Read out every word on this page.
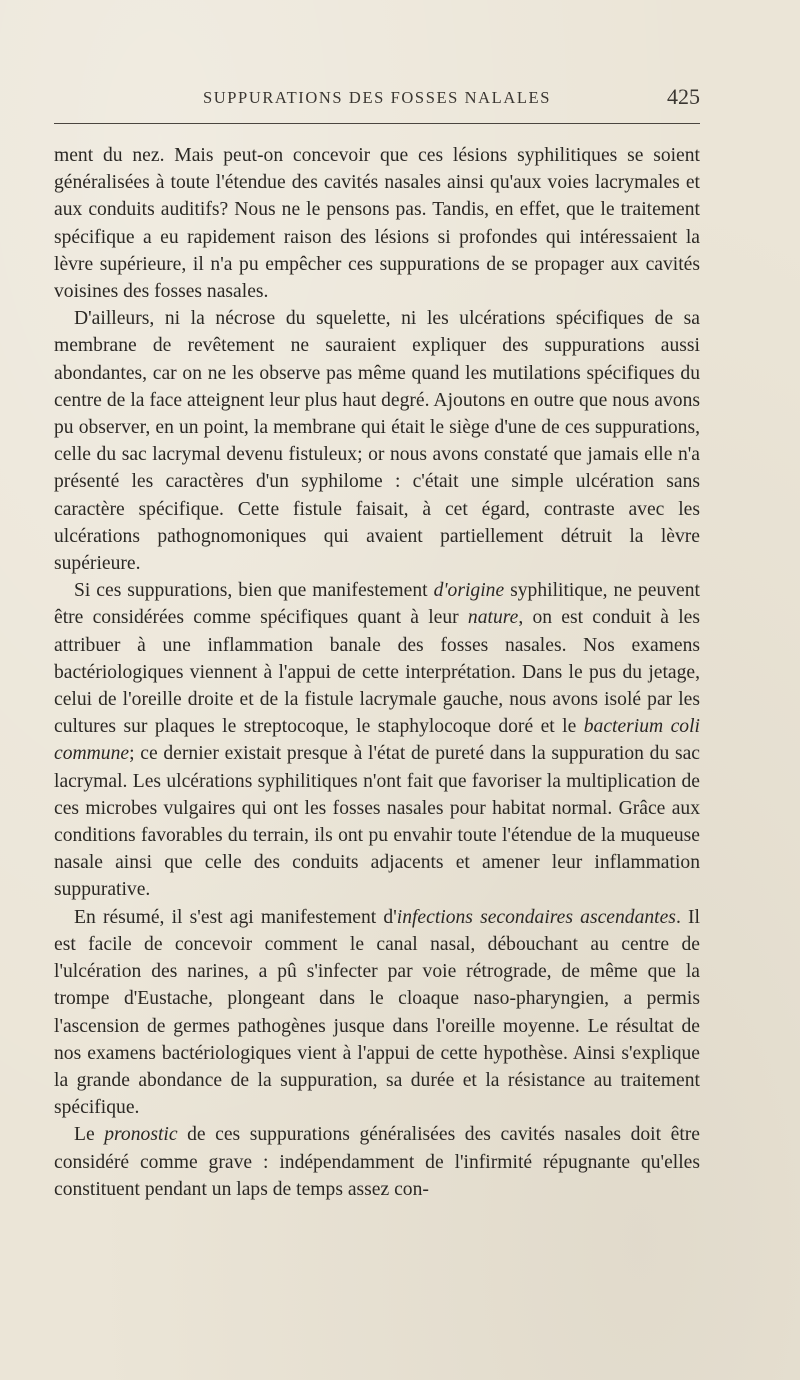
SUPPURATIONS DES FOSSES NALALES	425

ment du nez. Mais peut-on concevoir que ces lésions syphilitiques se soient généralisées à toute l'étendue des cavités nasales ainsi qu'aux voies lacrymales et aux conduits auditifs? Nous ne le pensons pas. Tandis, en effet, que le traitement spécifique a eu rapidement raison des lésions si profondes qui intéressaient la lèvre supérieure, il n'a pu empêcher ces suppurations de se propager aux cavités voisines des fosses nasales.

D'ailleurs, ni la nécrose du squelette, ni les ulcérations spécifiques de sa membrane de revêtement ne sauraient expliquer des suppurations aussi abondantes, car on ne les observe pas même quand les mutilations spécifiques du centre de la face atteignent leur plus haut degré. Ajoutons en outre que nous avons pu observer, en un point, la membrane qui était le siège d'une de ces suppurations, celle du sac lacrymal devenu fistuleux; or nous avons constaté que jamais elle n'a présenté les caractères d'un syphilome : c'était une simple ulcération sans caractère spécifique. Cette fistule faisait, à cet égard, contraste avec les ulcérations pathognomoniques qui avaient partiellement détruit la lèvre supérieure.

Si ces suppurations, bien que manifestement d'origine syphilitique, ne peuvent être considérées comme spécifiques quant à leur nature, on est conduit à les attribuer à une inflammation banale des fosses nasales. Nos examens bactériologiques viennent à l'appui de cette interprétation. Dans le pus du jetage, celui de l'oreille droite et de la fistule lacrymale gauche, nous avons isolé par les cultures sur plaques le streptocoque, le staphylocoque doré et le bacterium coli commune; ce dernier existait presque à l'état de pureté dans la suppuration du sac lacrymal. Les ulcérations syphilitiques n'ont fait que favoriser la multiplication de ces microbes vulgaires qui ont les fosses nasales pour habitat normal. Grâce aux conditions favorables du terrain, ils ont pu envahir toute l'étendue de la muqueuse nasale ainsi que celle des conduits adjacents et amener leur inflammation suppurative.

En résumé, il s'est agi manifestement d'infections secondaires ascendantes. Il est facile de concevoir comment le canal nasal, débouchant au centre de l'ulcération des narines, a pû s'infecter par voie rétrograde, de même que la trompe d'Eustache, plongeant dans le cloaque naso-pharyngien, a permis l'ascension de germes pathogènes jusque dans l'oreille moyenne. Le résultat de nos examens bactériologiques vient à l'appui de cette hypothèse. Ainsi s'explique la grande abondance de la suppuration, sa durée et la résistance au traitement spécifique.

Le pronostic de ces suppurations généralisées des cavités nasales doit être considéré comme grave : indépendamment de l'infirmité répugnante qu'elles constituent pendant un laps de temps assez con-
